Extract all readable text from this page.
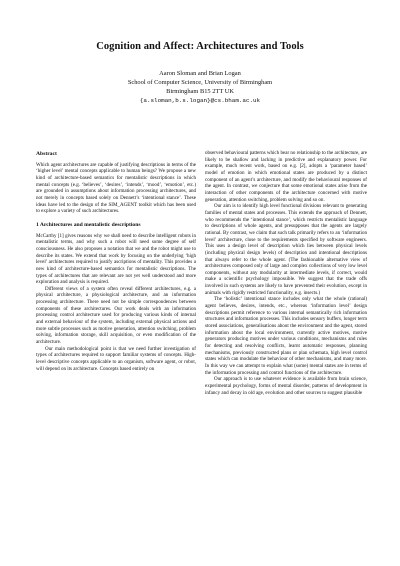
Cognition and Affect: Architectures and Tools
Aaron Sloman and Brian Logan
School of Computer Science, University of Birmingham
Birmingham B15 2TT UK
{a.sloman,b.s.logan}@cs.bham.ac.uk
Abstract

Which agent architectures are capable of justifying descriptions in terms of the ‘higher level’ mental concepts applicable to human beings? We propose a new kind of architecture-based semantics for mentalistic descriptions in which mental concepts (e.g. ‘believes’, ‘desires’, ‘intends’, ‘mood’, ‘emotion’, etc.) are grounded in assumptions about information processing architectures, and not merely in concepts based solely on Dennett’s ‘intentional stance’. These ideas have led to the design of the SIM_AGENT toolkit which has been used to explore a variety of such architectures.

1 Architectures and mentalistic descriptions

McCarthy [1] gives reasons why we shall need to describe intelligent robots in mentalistic terms, and why such a robot will need some degree of self consciousness. He also proposes a notation that we and the robot might use to describe its states. We extend that work by focusing on the underlying ‘high level’ architectures required to justify ascriptions of mentality. This provides a new kind of architecture-based semantics for mentalistic descriptions. The types of architectures that are relevant are not yet well understood and more exploration and analysis is required.

Different views of a system often reveal different architectures, e.g. a physical architecture, a physiological architecture, and an information processing architecture. There need not be simple correspondences between components of these architectures. Our work deals with an information processing control architecture used for producing various kinds of internal and external behaviour of the system, including external physical actions and more subtle processes such as motive generation, attention switching, problem solving, information storage, skill acquisition, or even modification of the architecture.

Our main methodological point is that we need further investigation of types of architectures required to support familiar systems of concepts. High-level descriptive concepts applicable to an organism, software agent, or robot, will depend on its architecture. Concepts based entirely on

observed behavioural patterns which bear no relationship to the architecture, are likely to be shallow and lacking in predictive and explanatory power. For example, much recent work, based on e.g. [2], adopts a ‘parameter based’ model of emotion in which emotional states are produced by a distinct component of an agent’s architecture, and modify the behavioural responses of the agent. In contrast, we conjecture that some emotional states arise from the interaction of other components of the architecture concerned with motive generation, attention switching, problem solving and so on.

Our aim is to identify high level functional divisions relevant to generating families of mental states and processes. This extends the approach of Dennett, who recommends the ‘intentional stance’, which restricts mentalistic language to descriptions of whole agents, and presupposes that the agents are largely rational. By contrast, we claim that such talk primarily refers to an ‘information level’ architecture, close to the requirements specified by software engineers. This uses a design level of description which lies between physical levels (including physical design levels) of description and intentional descriptions that always refer to the whole agent. (The fashionable alternative view of architectures composed only of large and complex collections of very low level components, without any modularity at intermediate levels, if correct, would make a scientific psychology impossible. We suggest that the trade offs involved in such systems are likely to have prevented their evolution, except in animals with rigidly restricted functionality, e.g. insects.)

The ‘holistic’ intentional stance includes only what the whole (rational) agent believes, desires, intends, etc., whereas ‘information level’ design descriptions permit reference to various internal semantically rich information structures and information processes. This includes sensory buffers, longer term stored associations, generalisations about the environment and the agent, stored information about the local environment, currently active motives, motive generators producing motives under various conditions, mechanisms and rules for detecting and resolving conflicts, learnt automatic responses, planning mechanisms, previously constructed plans or plan schemata, high level control states which can modulate the behaviour of other mechanisms, and many more. In this way we can attempt to explain what (some) mental states are in terms of the information processing and control functions of the architecture.

Our approach is to use whatever evidence is available from brain science, experimental psychology, forms of mental disorder, patterns of development in infancy and decay in old age, evolution and other sources to suggest plausible
